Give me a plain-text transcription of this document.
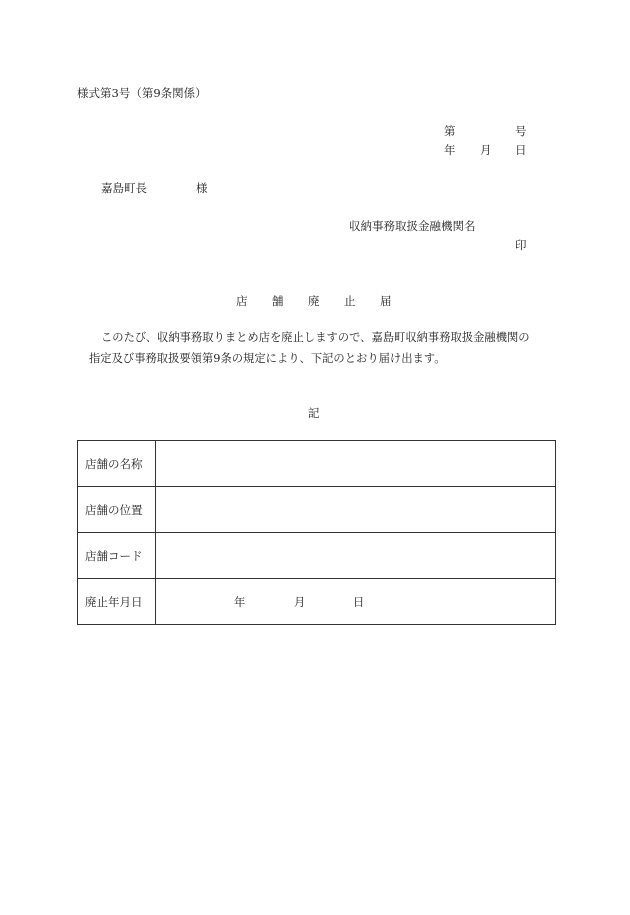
様式第3号（第9条関係）
第	号
年 月 日
嘉島町長	様
収納事務取扱金融機関名
印
店 舗 廃 止 届
このたび、収納事務取りまとめ店を廃止しますので、嘉島町収納事務取扱金融機関の
指定及び事務取扱要領第9条の規定により、下記のとおり届け出ます。
記
店舗の名称	
店舗の位置	
店舗コード	
廃止年月日	年 月 日
